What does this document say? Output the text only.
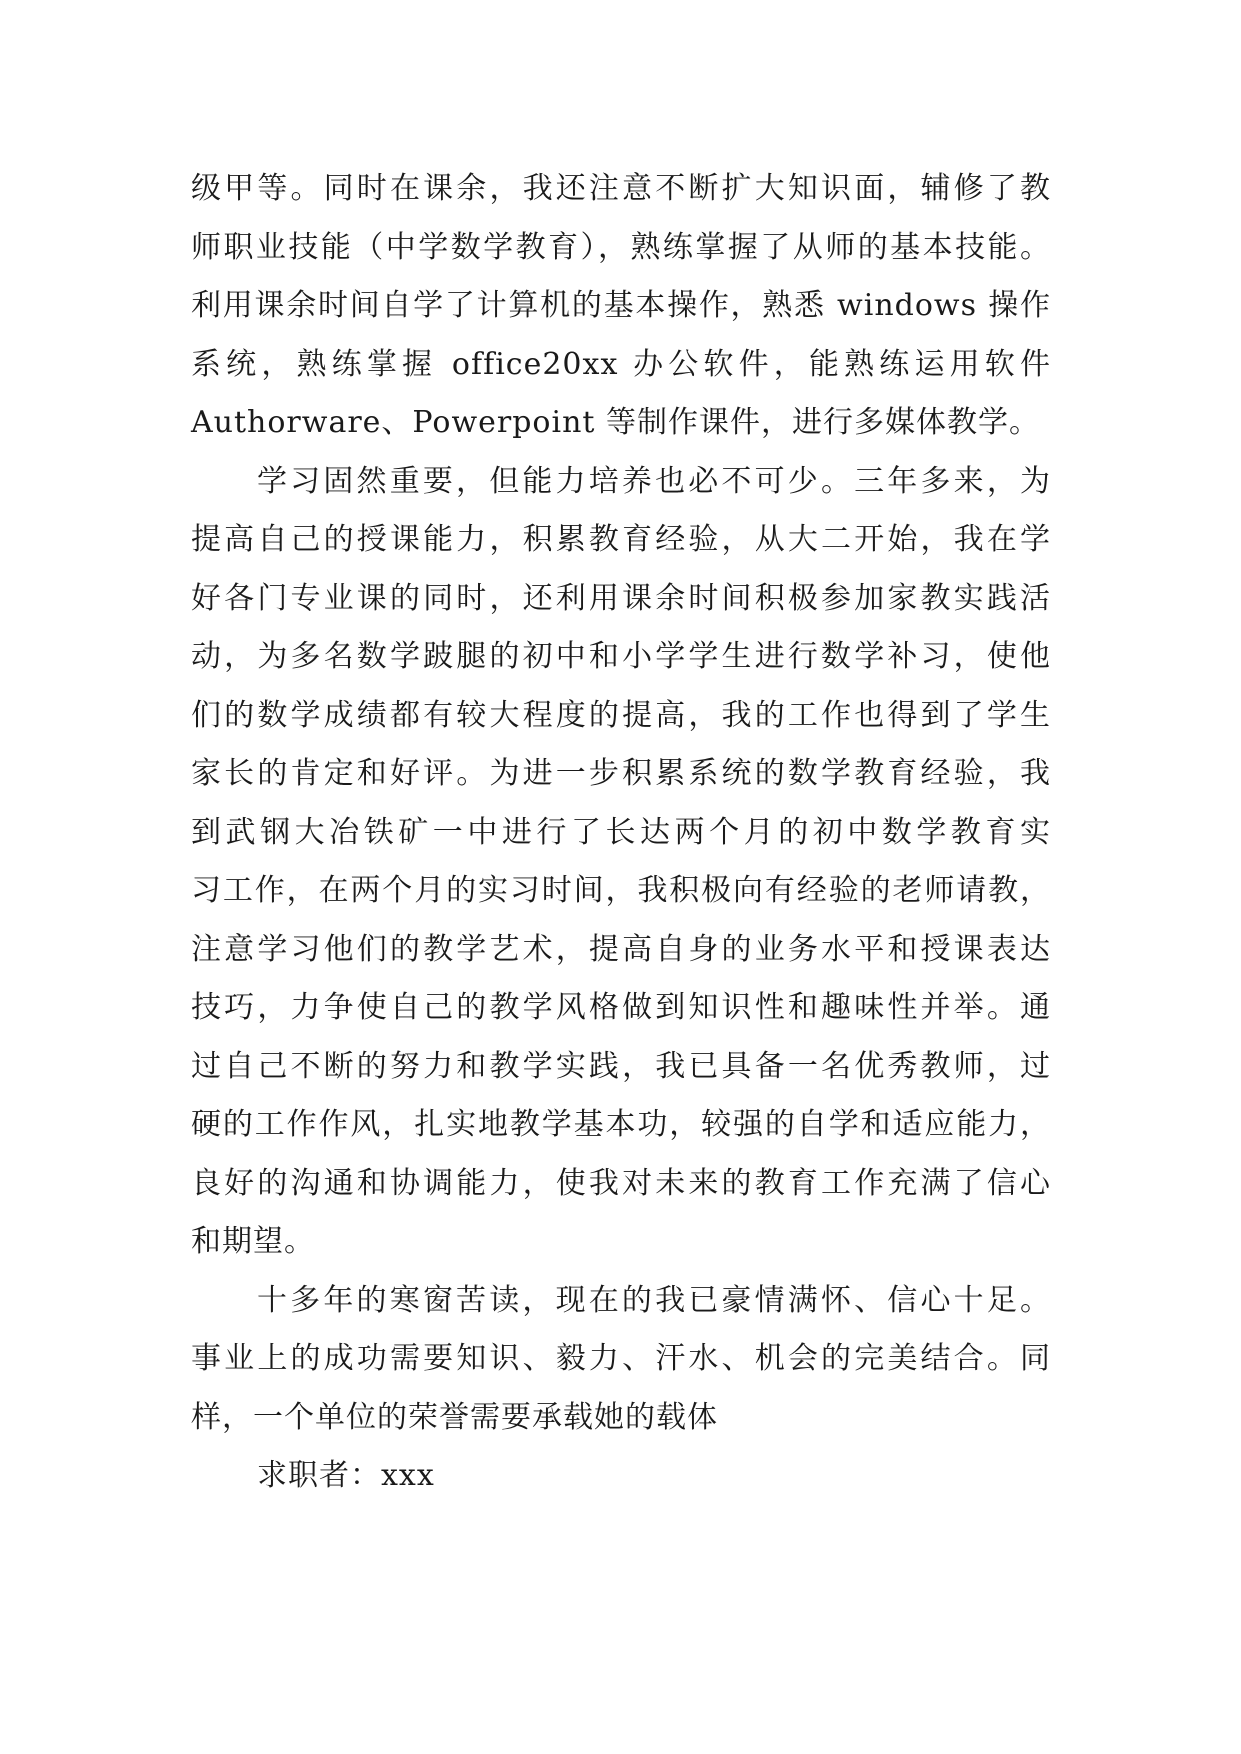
级甲等。同时在课余，我还注意不断扩大知识面，辅修了教
师职业技能（中学数学教育），熟练掌握了从师的基本技能。
利用课余时间自学了计算机的基本操作，熟悉 windows 操作
系统，熟练掌握 office20xx 办公软件，能熟练运用软件
Authorware、Powerpoint 等制作课件，进行多媒体教学。
学习固然重要，但能力培养也必不可少。三年多来，为
提高自己的授课能力，积累教育经验，从大二开始，我在学
好各门专业课的同时，还利用课余时间积极参加家教实践活
动，为多名数学跛腿的初中和小学学生进行数学补习，使他
们的数学成绩都有较大程度的提高，我的工作也得到了学生
家长的肯定和好评。为进一步积累系统的数学教育经验，我
到武钢大冶铁矿一中进行了长达两个月的初中数学教育实
习工作，在两个月的实习时间，我积极向有经验的老师请教，
注意学习他们的教学艺术，提高自身的业务水平和授课表达
技巧，力争使自己的教学风格做到知识性和趣味性并举。通
过自己不断的努力和教学实践，我已具备一名优秀教师，过
硬的工作作风，扎实地教学基本功，较强的自学和适应能力，
良好的沟通和协调能力，使我对未来的教育工作充满了信心
和期望。
十多年的寒窗苦读，现在的我已豪情满怀、信心十足。
事业上的成功需要知识、毅力、汗水、机会的完美结合。同
样，一个单位的荣誉需要承载她的载体
求职者：xxx
